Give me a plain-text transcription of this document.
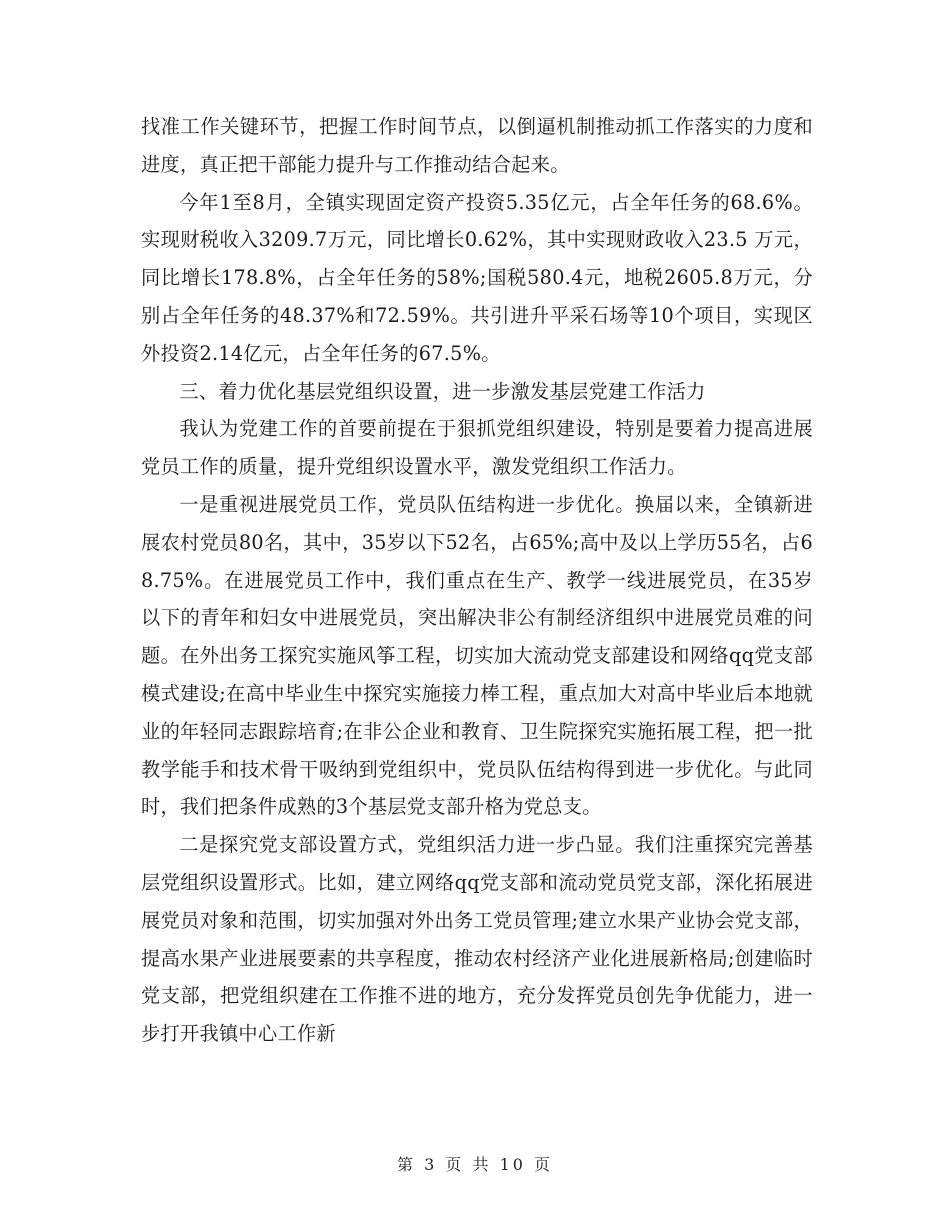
找准工作关键环节，把握工作时间节点，以倒逼机制推动抓工作落实的力度和进度，真正把干部能力提升与工作推动结合起来。

今年1至8月，全镇实现固定资产投资5.35亿元，占全年任务的68.6%。实现财税收入3209.7万元，同比增长0.62%，其中实现财政收入23.5 万元，同比增长178.8%，占全年任务的58%;国税580.4元，地税2605.8万元，分别占全年任务的48.37%和72.59%。共引进升平采石场等10个项目，实现区外投资2.14亿元，占全年任务的67.5%。

三、着力优化基层党组织设置，进一步激发基层党建工作活力

我认为党建工作的首要前提在于狠抓党组织建设，特别是要着力提高进展党员工作的质量，提升党组织设置水平，激发党组织工作活力。

一是重视进展党员工作，党员队伍结构进一步优化。换届以来，全镇新进展农村党员80名，其中，35岁以下52名，占65%;高中及以上学历55名，占68.75%。在进展党员工作中，我们重点在生产、教学一线进展党员，在35岁以下的青年和妇女中进展党员，突出解决非公有制经济组织中进展党员难的问题。在外出务工探究实施风筝工程，切实加大流动党支部建设和网络qq党支部模式建设;在高中毕业生中探究实施接力棒工程，重点加大对高中毕业后本地就业的年轻同志跟踪培育;在非公企业和教育、卫生院探究实施拓展工程，把一批教学能手和技术骨干吸纳到党组织中，党员队伍结构得到进一步优化。与此同时，我们把条件成熟的3个基层党支部升格为党总支。

二是探究党支部设置方式，党组织活力进一步凸显。我们注重探究完善基层党组织设置形式。比如，建立网络qq党支部和流动党员党支部，深化拓展进展党员对象和范围，切实加强对外出务工党员管理;建立水果产业协会党支部，提高水果产业进展要素的共享程度，推动农村经济产业化进展新格局;创建临时党支部，把党组织建在工作推不进的地方，充分发挥党员创先争优能力，进一步打开我镇中心工作新

第 3 页 共 10 页
